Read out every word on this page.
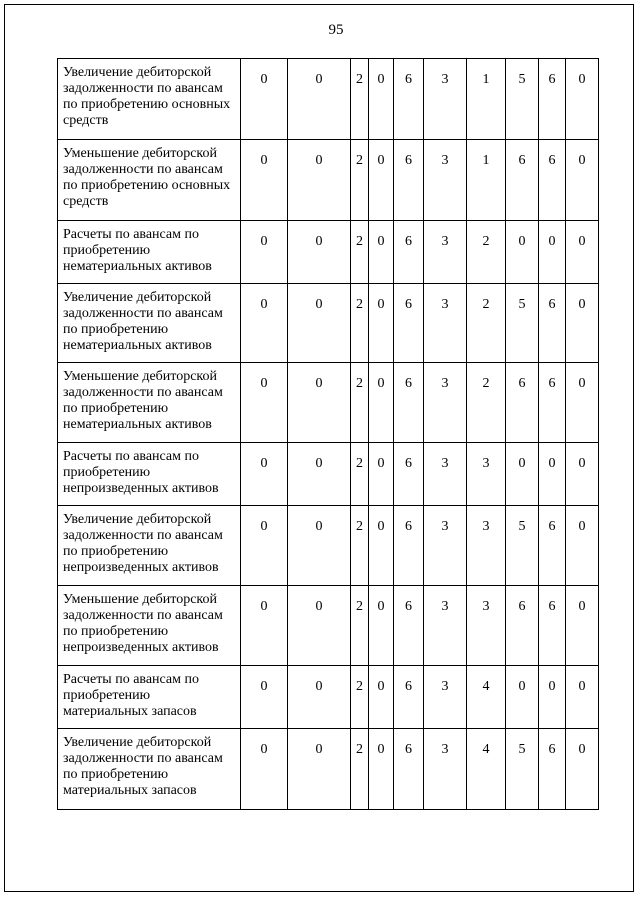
95
Увеличение дебиторской задолженности по авансам по приобретению основных средств	0	0	2	0	6	3	1	5	6	0
Уменьшение дебиторской задолженности по авансам по приобретению основных средств	0	0	2	0	6	3	1	6	6	0
Расчеты по авансам по приобретению нематериальных активов	0	0	2	0	6	3	2	0	0	0
Увеличение дебиторской задолженности по авансам по приобретению нематериальных активов	0	0	2	0	6	3	2	5	6	0
Уменьшение дебиторской задолженности по авансам по приобретению нематериальных активов	0	0	2	0	6	3	2	6	6	0
Расчеты по авансам по приобретению непроизведенных активов	0	0	2	0	6	3	3	0	0	0
Увеличение дебиторской задолженности по авансам по приобретению непроизведенных активов	0	0	2	0	6	3	3	5	6	0
Уменьшение дебиторской задолженности по авансам по приобретению непроизведенных активов	0	0	2	0	6	3	3	6	6	0
Расчеты по авансам по приобретению материальных запасов	0	0	2	0	6	3	4	0	0	0
Увеличение дебиторской задолженности по авансам по приобретению материальных запасов	0	0	2	0	6	3	4	5	6	0
